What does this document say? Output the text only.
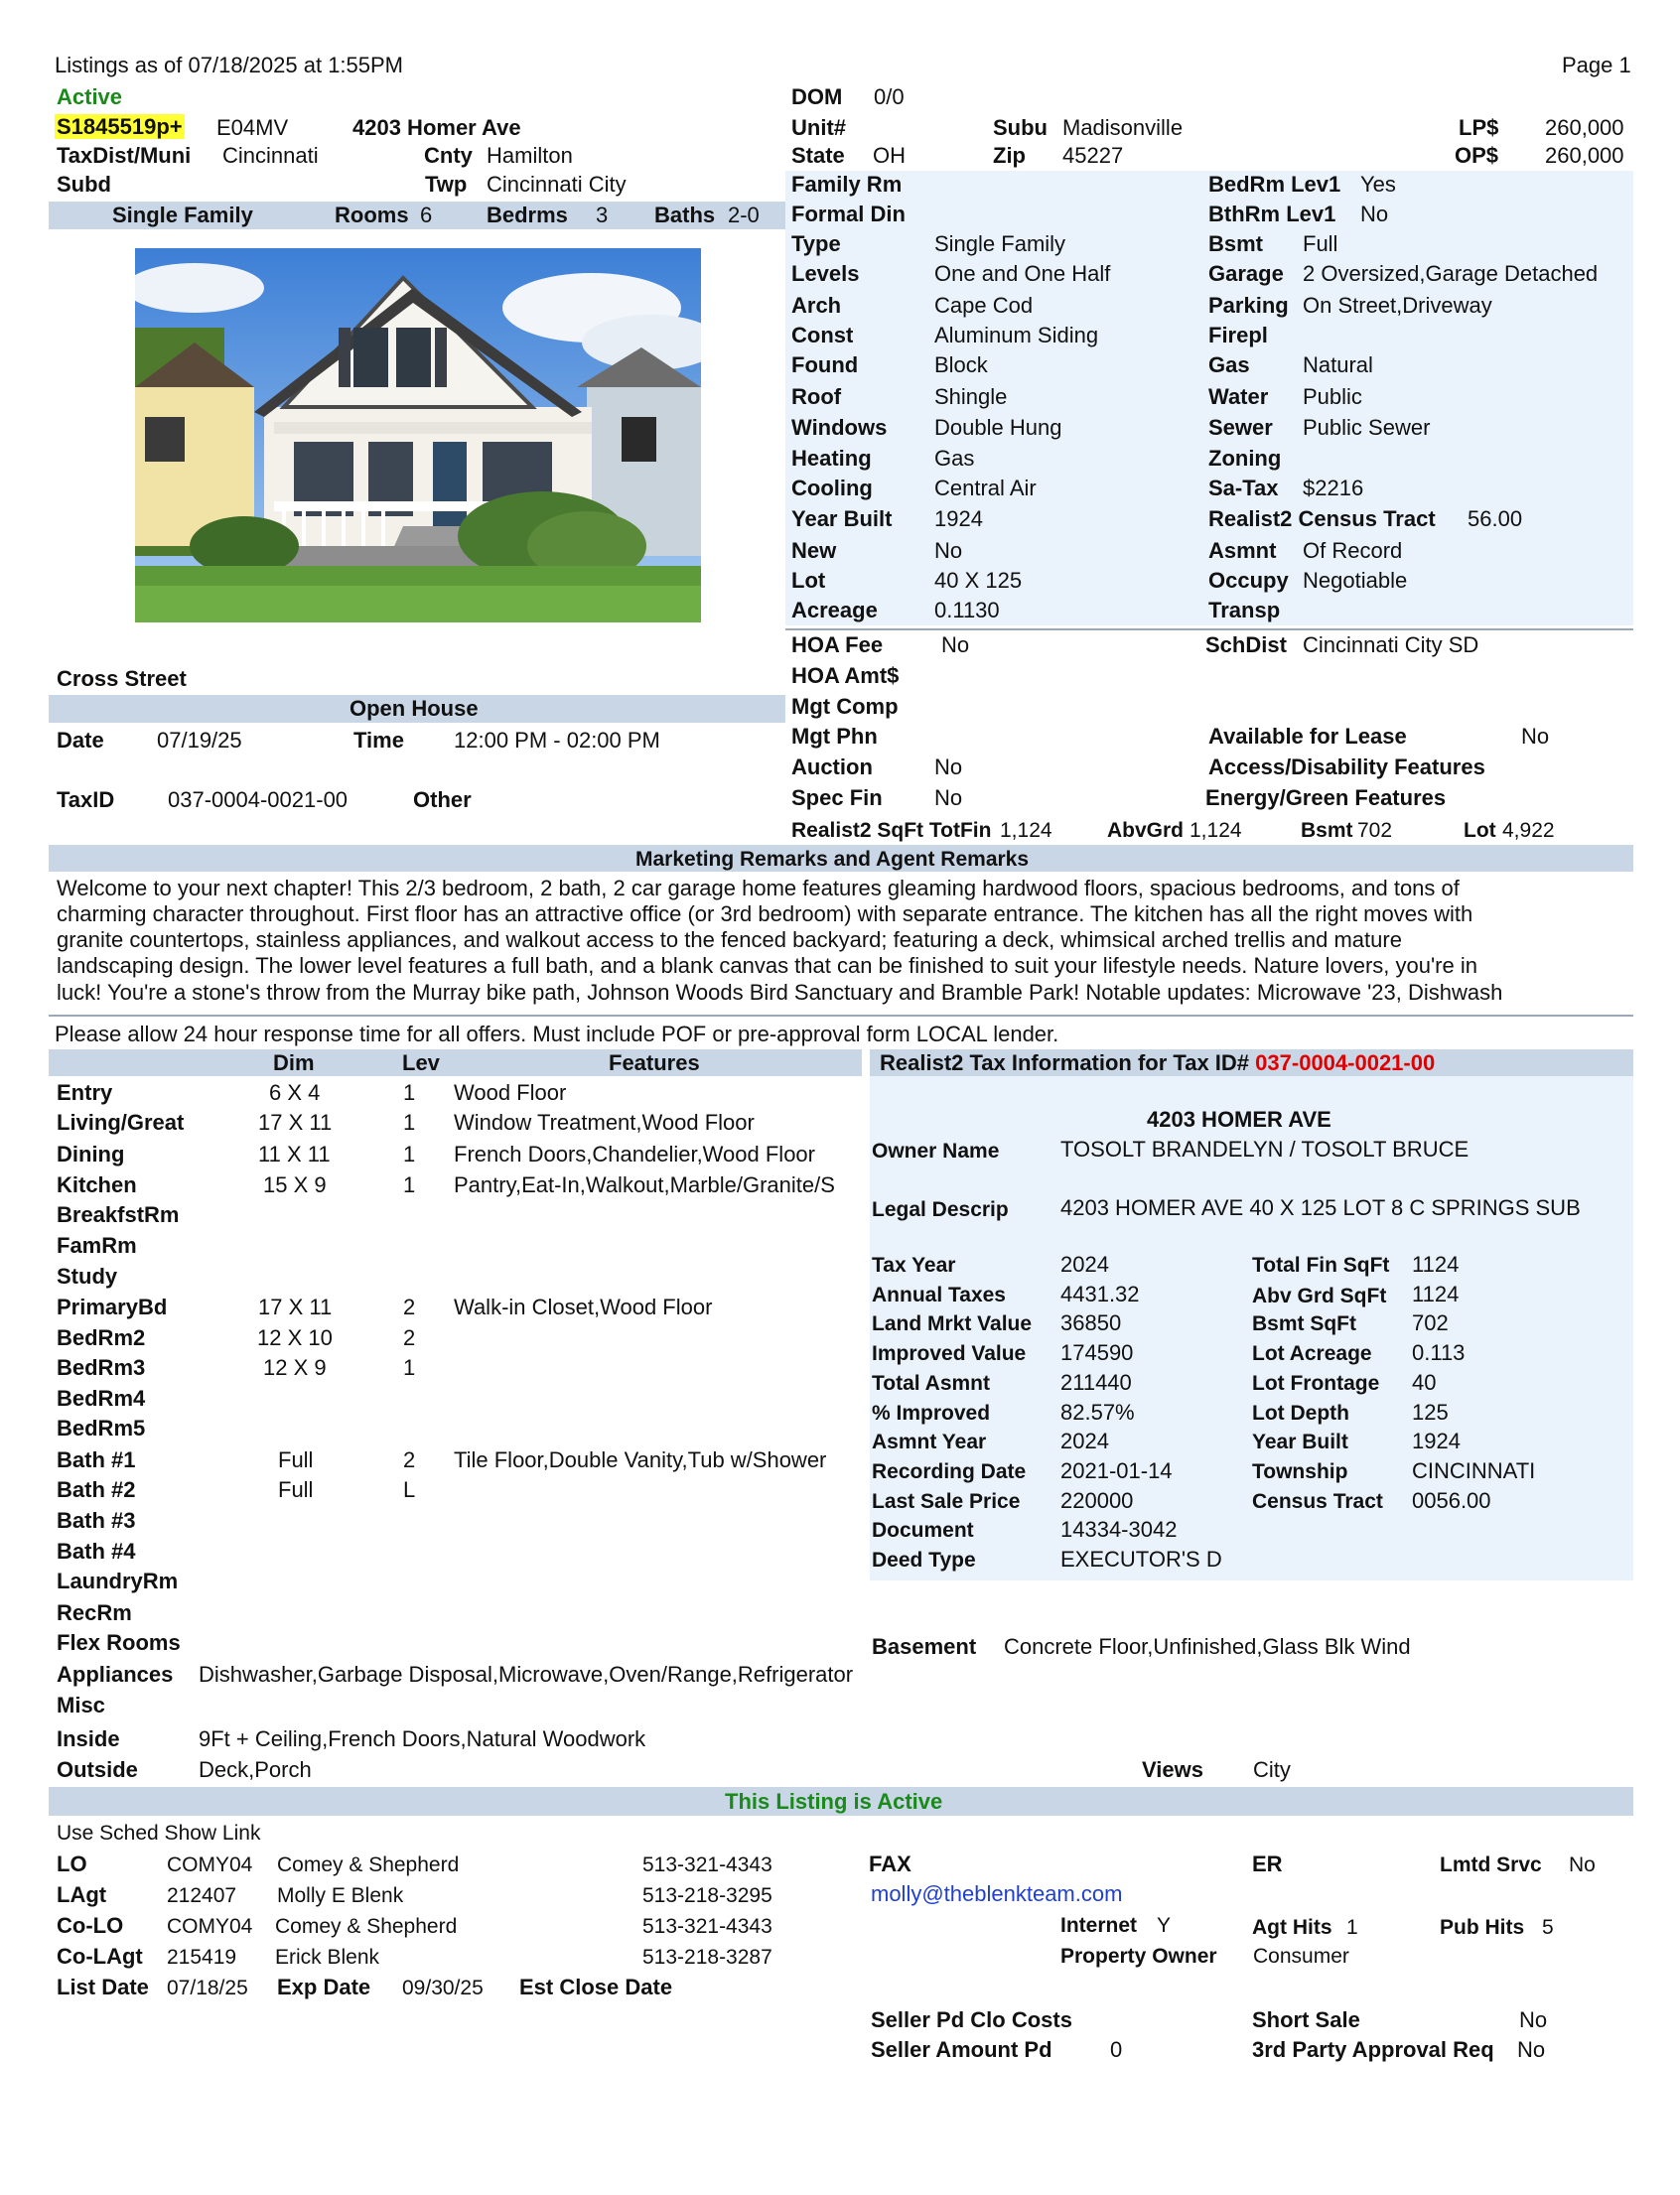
Listings as of 07/18/2025 at 1:55PM	Page 1
Active
S1845519p+ E04MV	4203 Homer Ave
TaxDist/Muni Cincinnati	Cnty Hamilton
Subd	Twp Cincinnati City
Single Family	Rooms 6 Bedrms 3 Baths 2-0
DOM 0/0
Unit#	Subu Madisonville	LP$ 260,000
State OH	Zip 45227	OP$ 260,000
Family Rm
Formal Din
Type	Single Family
Levels	One and One Half
Arch	Cape Cod
Const	Aluminum Siding
Found	Block
Roof	Shingle
Windows Double Hung
Heating	Gas
Cooling	Central Air
Year Built 1924
New	No
Lot	40 X 125
Acreage	0.1130
BedRm Lev1 Yes
BthRm Lev1 No
Bsmt Full
Garage 2 Oversized,Garage Detached
Parking On Street,Driveway
Firepl
Gas Natural
Water Public
Sewer Public Sewer
Zoning
Sa-Tax $2216
Realist2 Census Tract 56.00
Asmnt Of Record
Occupy Negotiable
Transp
HOA Fee	No
HOA Amt$
Mgt Comp
Mgt Phn
Auction	No
Spec Fin No
SchDist Cincinnati City SD
Available for Lease	No
Access/Disability Features
Energy/Green Features
Realist2 SqFt TotFin 1,124	AbvGrd 1,124	Bsmt 702	Lot 4,922
Cross Street
Open House
Date 07/19/25	Time 12:00 PM - 02:00 PM
TaxID 037-0004-0021-00	Other
Marketing Remarks and Agent Remarks
Welcome to your next chapter! This 2/3 bedroom, 2 bath, 2 car garage home features gleaming hardwood floors, spacious bedrooms, and tons of
charming character throughout. First floor has an attractive office (or 3rd bedroom) with separate entrance. The kitchen has all the right moves with
granite countertops, stainless appliances, and walkout access to the fenced backyard; featuring a deck, whimsical arched trellis and mature
landscaping design. The lower level features a full bath, and a blank canvas that can be finished to suit your lifestyle needs. Nature lovers, you're in
luck! You're a stone's throw from the Murray bike path, Johnson Woods Bird Sanctuary and Bramble Park! Notable updates: Microwave '23, Dishwash
Please allow 24 hour response time for all offers. Must include POF or pre-approval form LOCAL lender.
Dim	Lev	Features
Entry	6 X 4	1 Wood Floor
Living/Great	17 X 11	1 Window Treatment,Wood Floor
Dining	11 X 11	1 French Doors,Chandelier,Wood Floor
Kitchen	15 X 9	1 Pantry,Eat-In,Walkout,Marble/Granite/S
BreakfstRm
FamRm
Study
PrimaryBd	17 X 11	2 Walk-in Closet,Wood Floor
BedRm2	12 X 10	2
BedRm3	12 X 9	1
BedRm4
BedRm5
Bath #1	Full	2 Tile Floor,Double Vanity,Tub w/Shower
Bath #2	Full	L
Bath #3
Bath #4
LaundryRm
RecRm
Flex Rooms
Realist2 Tax Information for Tax ID# 037-0004-0021-00
4203 HOMER AVE
Owner Name	TOSOLT BRANDELYN / TOSOLT BRUCE
Legal Descrip 4203 HOMER AVE 40 X 125 LOT 8 C SPRINGS SUB
Tax Year	2024
Annual Taxes	4431.32
Land Mrkt Value 36850
Improved Value 174590
Total Asmnt	211440
% Improved	82.57%
Asmnt Year	2024
Recording Date 2021-01-14
Last Sale Price 220000
Document	14334-3042
Deed Type	EXECUTOR'S D
Total Fin SqFt 1124
Abv Grd SqFt 1124
Bsmt SqFt	702
Lot Acreage 0.113
Lot Frontage 40
Lot Depth	125
Year Built	1924
Township	CINCINNATI
Census Tract 0056.00
Basement Concrete Floor,Unfinished,Glass Blk Wind
Appliances Dishwasher,Garbage Disposal,Microwave,Oven/Range,Refrigerator
Misc
Inside	9Ft + Ceiling,French Doors,Natural Woodwork
Outside	Deck,Porch	Views City
This Listing is Active
Use Sched Show Link
LO	COMY04 Comey & Shepherd	513-321-4343
LAgt	212407 Molly E Blenk	513-218-3295
Co-LO COMY04 Comey & Shepherd	513-321-4343
Co-LAgt 215419 Erick Blenk	513-218-3287
List Date 07/18/25 Exp Date 09/30/25 Est Close Date
FAX
molly@theblenkteam.com
Internet Y
Property Owner Consumer
ER	Lmtd Srvc No
Agt Hits 1	Pub Hits 5
Seller Pd Clo Costs
Seller Amount Pd	0
Short Sale	No
3rd Party Approval Req No
